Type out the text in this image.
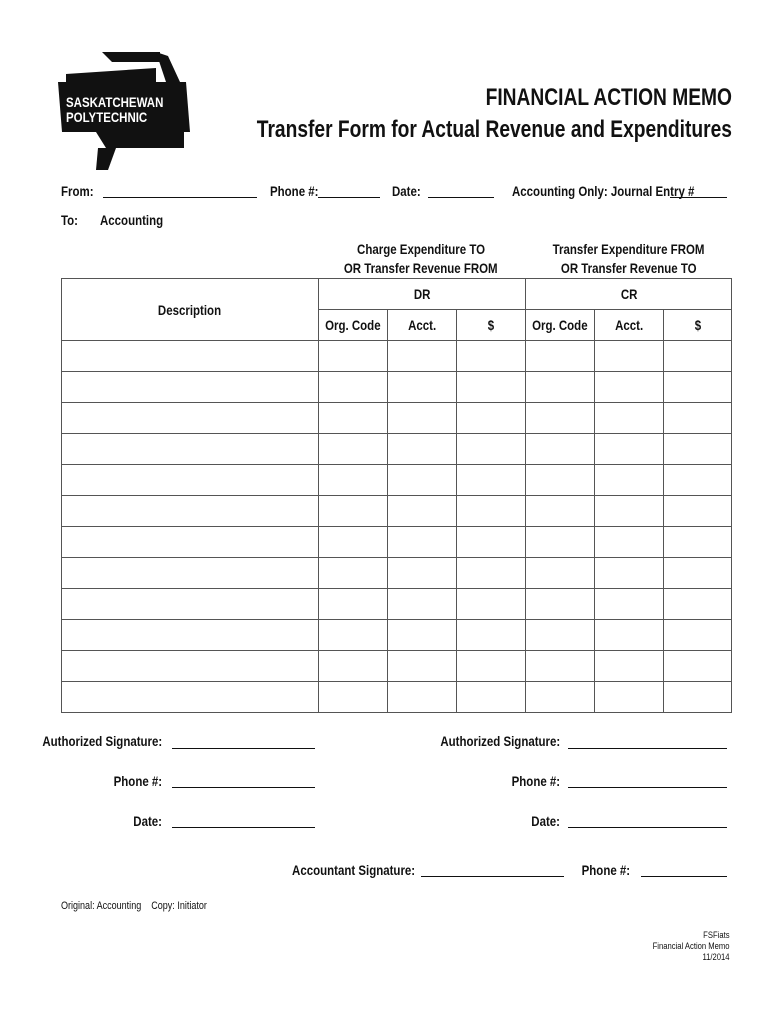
SASKATCHEWAN
POLYTECHNIC
FINANCIAL ACTION MEMO
Transfer Form for Actual Revenue and Expenditures
From:	Phone #:	Date:	Accounting Only: Journal Entry #
To: Accounting
Charge Expenditure TO
OR Transfer Revenue FROM
Transfer Expenditure FROM
OR Transfer Revenue TO
Description		DR			CR	
	Org. Code	Acct.	$	Org. Code	Acct.	$

Authorized Signature:	Authorized Signature:
Phone #:	Phone #:
Date:	Date:
Accountant Signature:	Phone #:
Original: Accounting    Copy: Initiator
FSFiats
Financial Action Memo
11/2014
